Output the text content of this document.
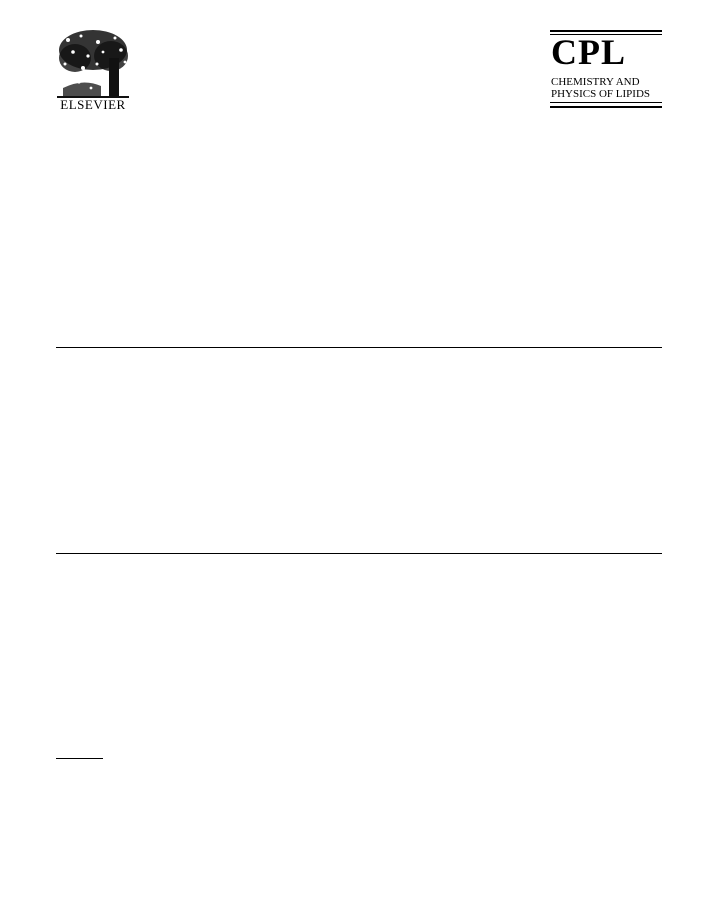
ELSEVIER
CPL
CHEMISTRY AND
PHYSICS OF LIPIDS
